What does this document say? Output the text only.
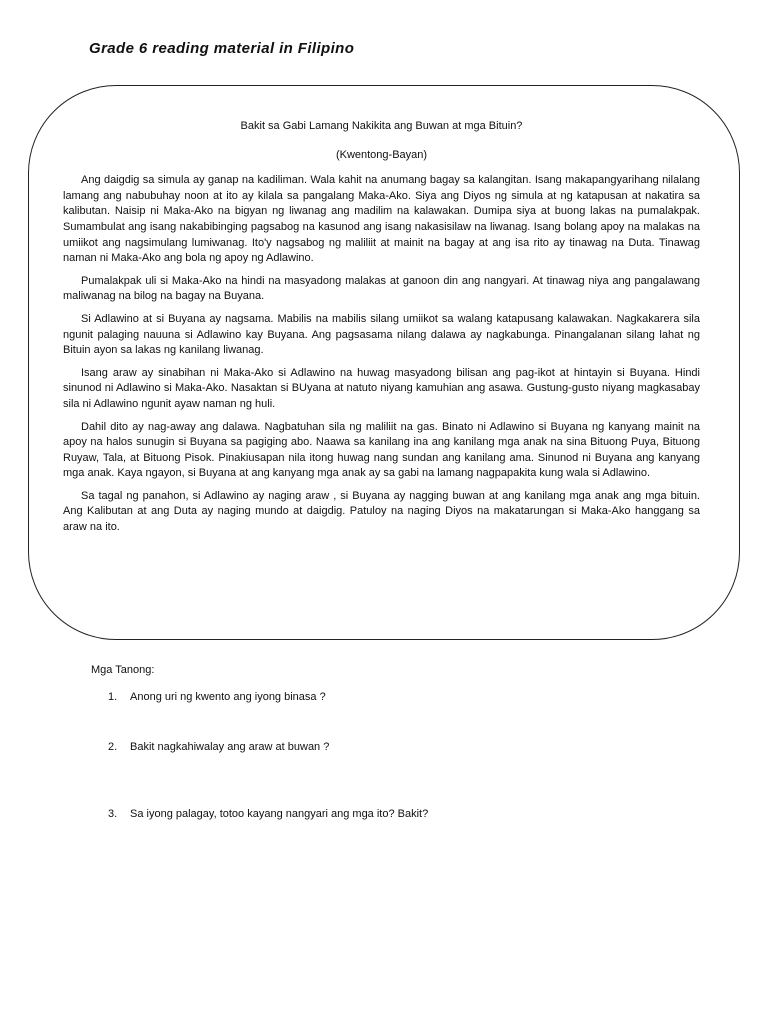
Grade 6 reading material in Filipino

Bakit sa Gabi Lamang Nakikita ang Buwan at mga Bituin?

(Kwentong-Bayan)

Ang daigdig sa simula ay ganap na kadiliman. Wala kahit na anumang bagay sa kalangitan. Isang makapangyarihang nilalang lamang ang nabubuhay noon at ito ay kilala sa pangalang Maka-Ako. Siya ang Diyos ng simula at ng katapusan at nakatira sa kalibutan. Naisip ni Maka-Ako na bigyan ng liwanag ang madilim na kalawakan. Dumipa siya at buong lakas na pumalakpak. Sumambulat ang isang nakabibinging pagsabog na kasunod ang isang nakasisilaw na liwanag. Isang bolang apoy na malakas na umiikot ang nagsimulang lumiwanag. Ito'y nagsabog ng maliliit at mainit na bagay at ang isa rito ay tinawag na Duta. Tinawag naman ni Maka-Ako ang bola ng apoy ng Adlawino.

Pumalakpak uli si Maka-Ako na hindi na masyadong malakas at ganoon din ang nangyari. At tinawag niya ang pangalawang maliwanag na bilog na bagay na Buyana.

Si Adlawino at si Buyana ay nagsama. Mabilis na mabilis silang umiikot sa walang katapusang kalawakan. Nagkakarera sila ngunit palaging nauuna si Adlawino kay Buyana. Ang pagsasama nilang dalawa ay nagkabunga. Pinangalanan silang lahat ng Bituin ayon sa lakas ng kanilang liwanag.

Isang araw ay sinabihan ni Maka-Ako si Adlawino na huwag masyadong bilisan ang pag-ikot at hintayin si Buyana. Hindi sinunod ni Adlawino si Maka-Ako. Nasaktan si BUyana at natuto niyang kamuhian ang asawa. Gustung-gusto niyang magkasabay sila ni Adlawino ngunit ayaw naman ng huli.

Dahil dito ay nag-away ang dalawa. Nagbatuhan sila ng maliliit na gas. Binato ni Adlawino si Buyana ng kanyang mainit na apoy na halos sunugin si Buyana sa pagiging abo. Naawa sa kanilang ina ang kanilang mga anak na sina Bituong Puya, Bituong Ruyaw, Tala, at Bituong Pisok. Pinakiusapan nila itong huwag nang sundan ang kanilang ama. Sinunod ni Buyana ang kanyang mga anak. Kaya ngayon, si Buyana at ang kanyang mga anak ay sa gabi na lamang nagpapakita kung wala si Adlawino.

Sa tagal ng panahon, si Adlawino ay naging araw , si Buyana ay nagging buwan at ang kanilang mga anak ang mga bituin. Ang Kalibutan at ang Duta ay naging mundo at daigdig. Patuloy na naging Diyos na makatarungan si Maka-Ako hanggang sa araw na ito.

Mga Tanong:
1.	Anong uri ng kwento ang iyong binasa ?
2.	Bakit nagkahiwalay ang araw at buwan ?
3.	Sa iyong palagay, totoo kayang nangyari ang mga ito? Bakit?
